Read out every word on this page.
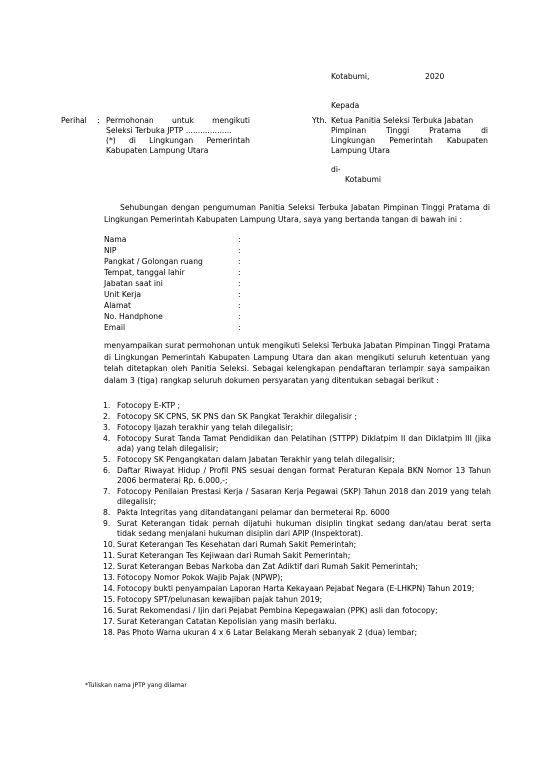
Kotabumi,	2020
Kepada
Perihal : Permohonan untuk mengikuti
Seleksi Terbuka JPTP ...................
(*) di Lingkungan Pemerintah
Kabupaten Lampung Utara
Yth. Ketua Panitia Seleksi Terbuka Jabatan
Pimpinan Tinggi Pratama di
Lingkungan Pemerintah Kabupaten
Lampung Utara
di-
Kotabumi
Sehubungan dengan pengumuman Panitia Seleksi Terbuka Jabatan Pimpinan Tinggi Pratama di Lingkungan Pemerintah Kabupaten Lampung Utara, saya yang bertanda tangan di bawah ini :
Nama	:
NIP	:
Pangkat / Golongan ruang	:
Tempat, tanggal lahir	:
Jabatan saat ini	:
Unit Kerja	:
Alamat	:
No. Handphone	:
Email	:
menyampaikan surat permohonan untuk mengikuti Seleksi Terbuka Jabatan Pimpinan Tinggi Pratama di Lingkungan Pemerintah Kabupaten Lampung Utara dan akan mengikuti seluruh ketentuan yang telah ditetapkan oleh Panitia Seleksi. Sebagai kelengkapan pendaftaran terlampir saya sampaikan dalam 3 (tiga) rangkap seluruh dokumen persyaratan yang ditentukan sebagai berikut :
1. Fotocopy E-KTP ;
2. Fotocopy SK CPNS, SK PNS dan SK Pangkat Terakhir dilegalisir ;
3. Fotocopy Ijazah terakhir yang telah dilegalisir;
4. Fotocopy Surat Tanda Tamat Pendidikan dan Pelatihan (STTPP) Diklatpim II dan Diklatpim III (jika ada) yang telah dilegalisir;
5. Fotocopy SK Pengangkatan dalam Jabatan Terakhir yang telah dilegalisir;
6. Daftar Riwayat Hidup / Profil PNS sesuai dengan format Peraturan Kepala BKN Nomor 13 Tahun 2006 bermaterai Rp. 6.000,-;
7. Fotocopy Penilaian Prestasi Kerja / Sasaran Kerja Pegawai (SKP) Tahun 2018 dan 2019 yang telah dilegalisir;
8. Pakta Integritas yang ditandatangani pelamar dan bermeterai Rp. 6000
9. Surat Keterangan tidak pernah dijatuhi hukuman disiplin tingkat sedang dan/atau berat serta tidak sedang menjalani hukuman disiplin dari APIP (Inspektorat).
10. Surat Keterangan Tes Kesehatan dari Rumah Sakit Pemerintah;
11. Surat Keterangan Tes Kejiwaan dari Rumah Sakit Pemerintah;
12. Surat Keterangan Bebas Narkoba dan Zat Adiktif dari Rumah Sakit Pemerintah;
13. Fotocopy Nomor Pokok Wajib Pajak (NPWP);
14. Fotocopy bukti penyampaian Laporan Harta Kekayaan Pejabat Negara (E-LHKPN) Tahun 2019;
15. Fotocopy SPT/pelunasan kewajiban pajak tahun 2019;
16. Surat Rekomendasi / Ijin dari Pejabat Pembina Kepegawaian (PPK) asli dan fotocopy;
17. Surat Keterangan Catatan Kepolisian yang masih berlaku.
18. Pas Photo Warna ukuran 4 x 6 Latar Belakang Merah sebanyak 2 (dua) lembar;
*Tuliskan nama JPTP yang dilamar
